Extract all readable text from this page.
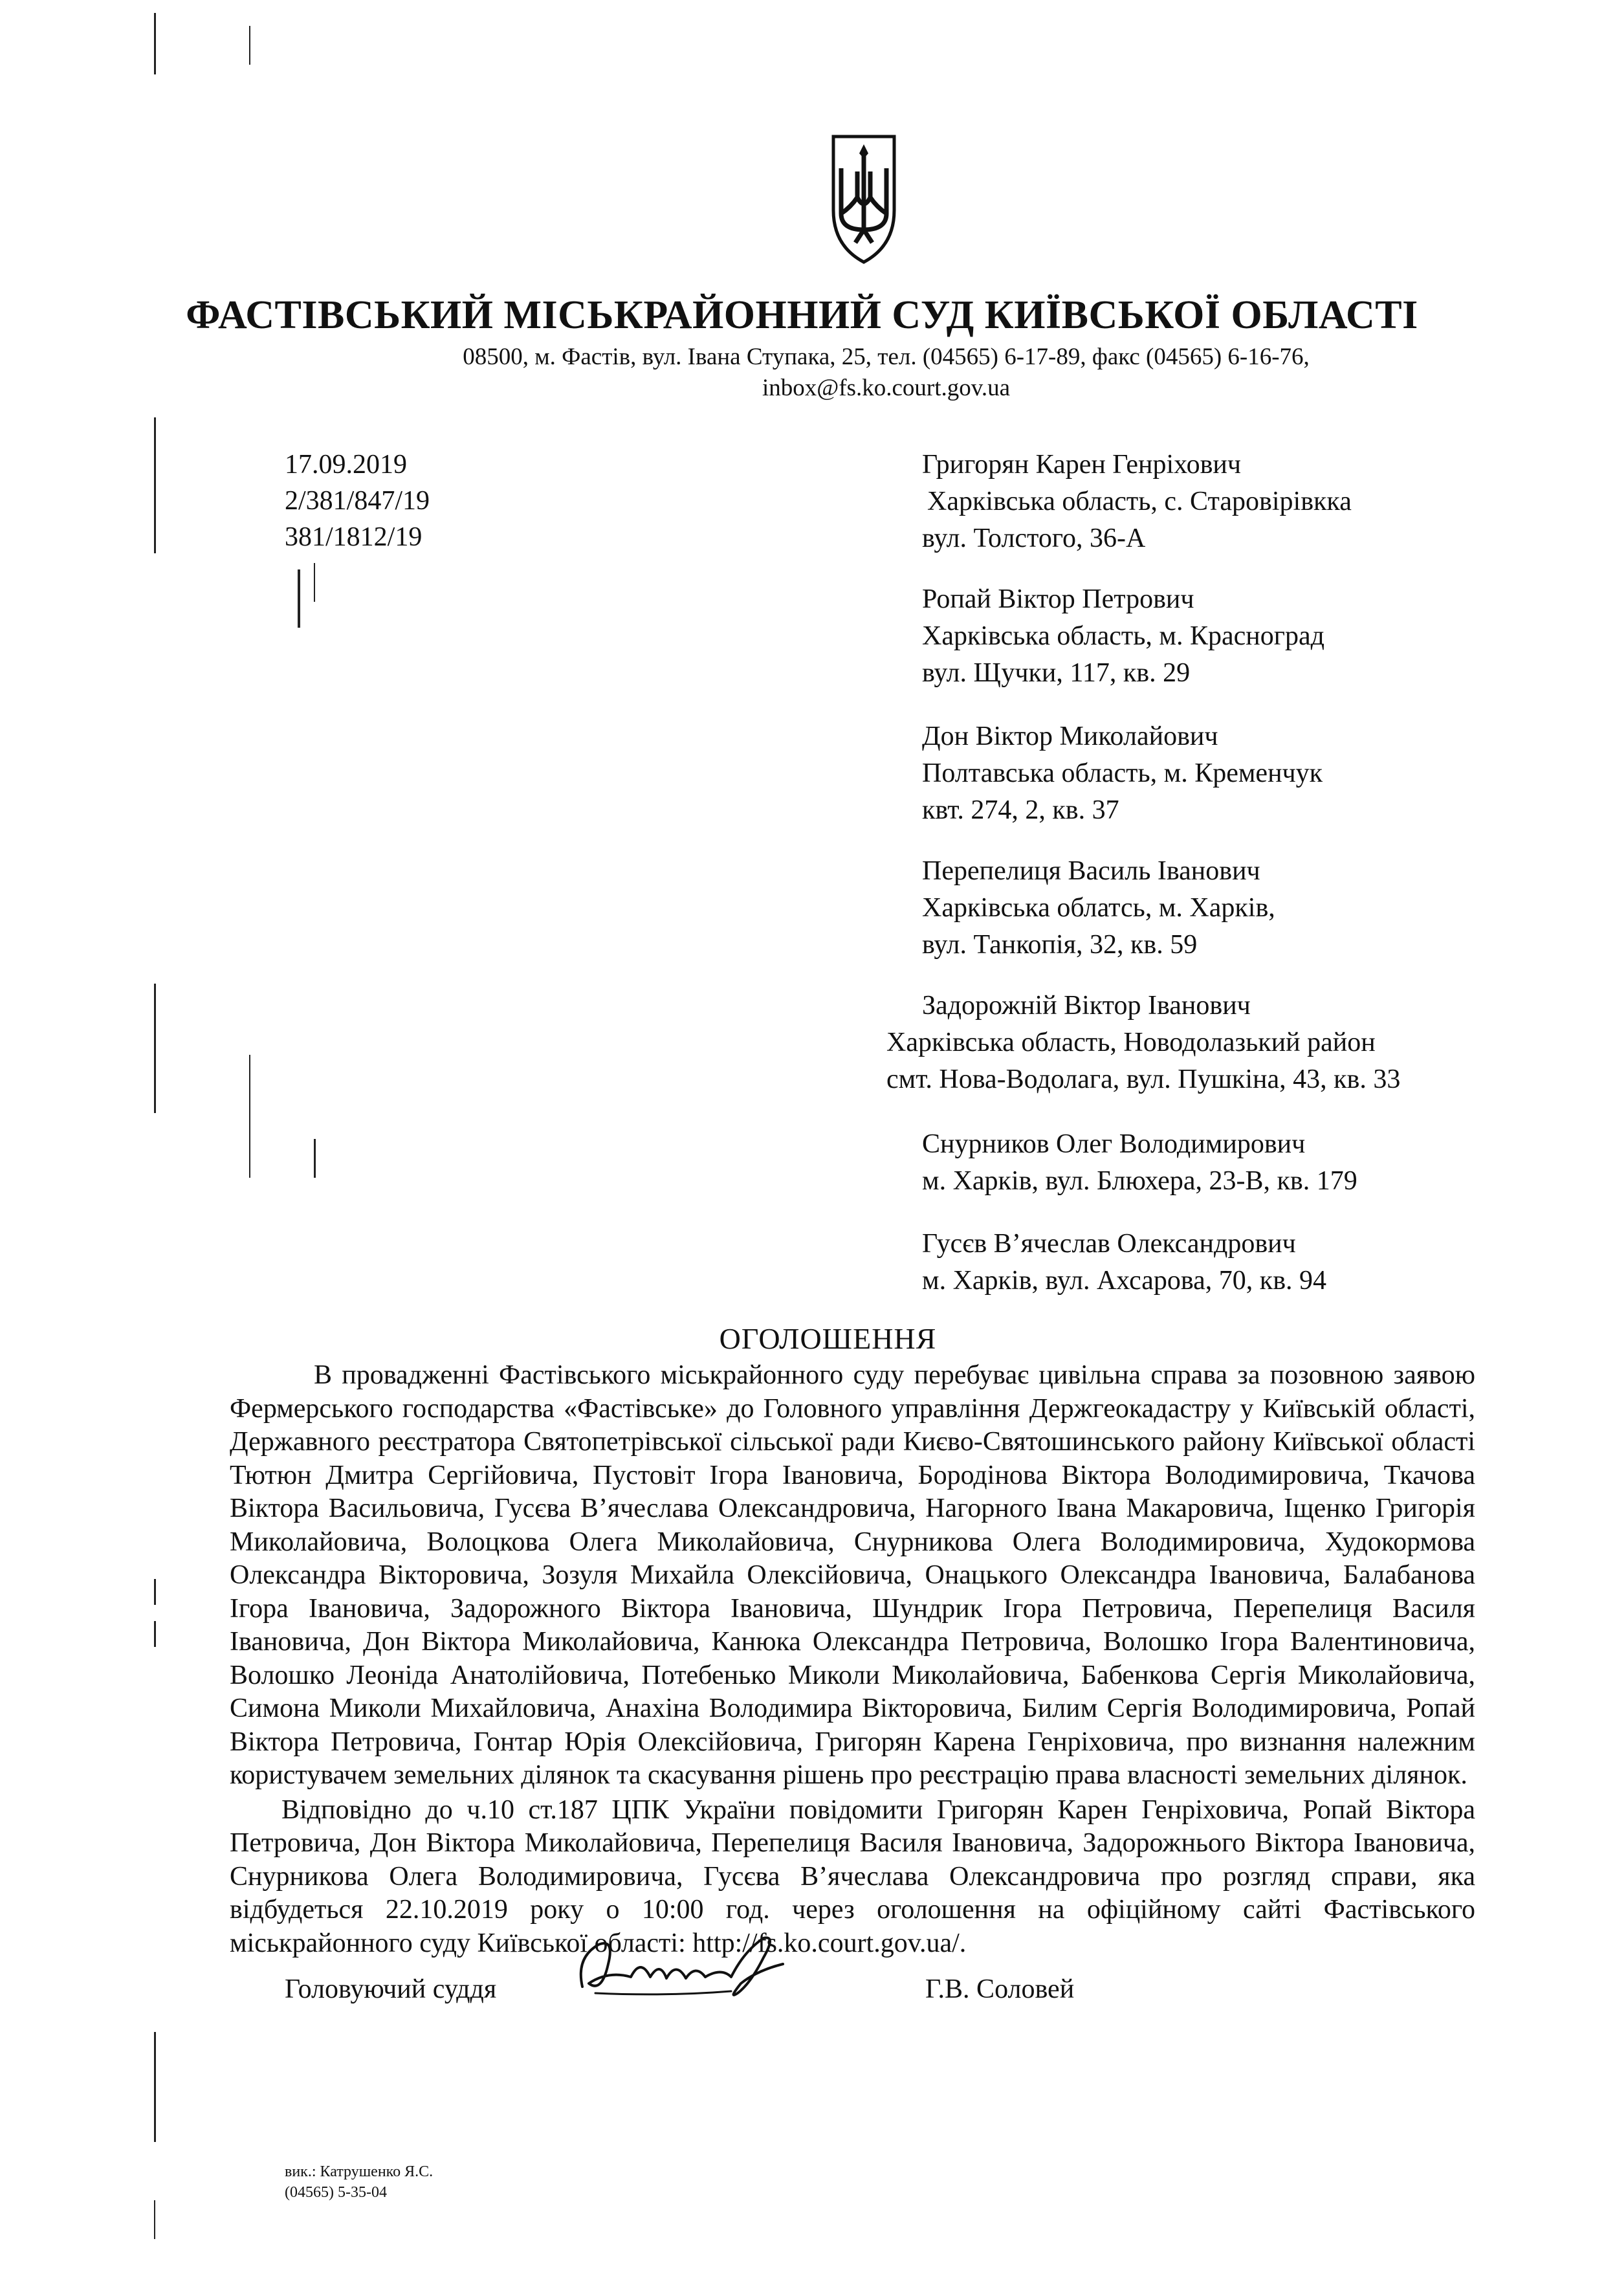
ФАСТІВСЬКИЙ МІСЬКРАЙОННИЙ СУД КИЇВСЬКОЇ ОБЛАСТІ
08500, м. Фастів, вул. Івана Ступака, 25, тел. (04565) 6-17-89, факс (04565) 6-16-76,
inbox@fs.ko.court.gov.ua
17.09.2019
2/381/847/19
381/1812/19
Григорян Карен Генріхович
Харківська область, с. Старовірівкка
вул. Толстого, 36-А
Ропай Віктор Петрович
Харківська область, м. Красноград
вул. Щучки, 117, кв. 29
Дон Віктор Миколайович
Полтавська область, м. Кременчук
квт. 274, 2, кв. 37
Перепелиця Василь Іванович
Харківська облатсь, м. Харків,
вул. Танкопія, 32, кв. 59
Задорожній Віктор Іванович
Харківська область, Новодолазький район
смт. Нова-Водолага, вул. Пушкіна, 43, кв. 33
Снурников Олег Володимирович
м. Харків, вул. Блюхера, 23-В, кв. 179
Гусєв В’ячеслав Олександрович
м. Харків, вул. Ахсарова, 70, кв. 94
ОГОЛОШЕННЯ

В провадженні Фастівського міськрайонного суду перебуває цивільна справа за позовною заявою Фермерського господарства «Фастівське» до Головного управління Держгеокадастру у Київській області, Державного реєстратора Святопетрівської сільської ради Києво-Святошинського району Київської області Тютюн Дмитра Сергійовича, Пустовіт Ігора Івановича, Бородінова Віктора Володимировича, Ткачова Віктора Васильовича, Гусєва В’ячеслава Олександровича, Нагорного Івана Макаровича, Іщенко Григорія Миколайовича, Волоцкова Олега Миколайовича, Снурникова Олега Володимировича, Худокормова Олександра Вікторовича, Зозуля Михайла Олексійовича, Онацького Олександра Івановича, Балабанова Ігора Івановича, Задорожного Віктора Івановича, Шундрик Ігора Петровича, Перепелиця Василя Івановича, Дон Віктора Миколайовича, Канюка Олександра Петровича, Волошко Ігора Валентиновича, Волошко Леоніда Анатолійовича, Потебенько Миколи Миколайовича, Бабенкова Сергія Миколайовича, Симона Миколи Михайловича, Анахіна Володимира Вікторовича, Билим Сергія Володимировича, Ропай Віктора Петровича, Гонтар Юрія Олексійовича, Григорян Карена Генріховича, про визнання належним користувачем земельних ділянок та скасування рішень про реєстрацію права власності земельних ділянок.

Відповідно до ч.10 ст.187 ЦПК України повідомити Григорян Карен Генріховича, Ропай Віктора Петровича, Дон Віктора Миколайовича, Перепелиця Василя Івановича, Задорожнього Віктора Івановича, Снурникова Олега Володимировича, Гусєва В’ячеслава Олександровича про розгляд справи, яка відбудеться 22.10.2019 року о 10:00 год. через оголошення на офіційному сайті Фастівського міськрайонного суду Київської області: http://fs.ko.court.gov.ua/.

Головуючий суддя	Г.В. Соловей
вик.: Катрушенко Я.С.
(04565) 5-35-04
